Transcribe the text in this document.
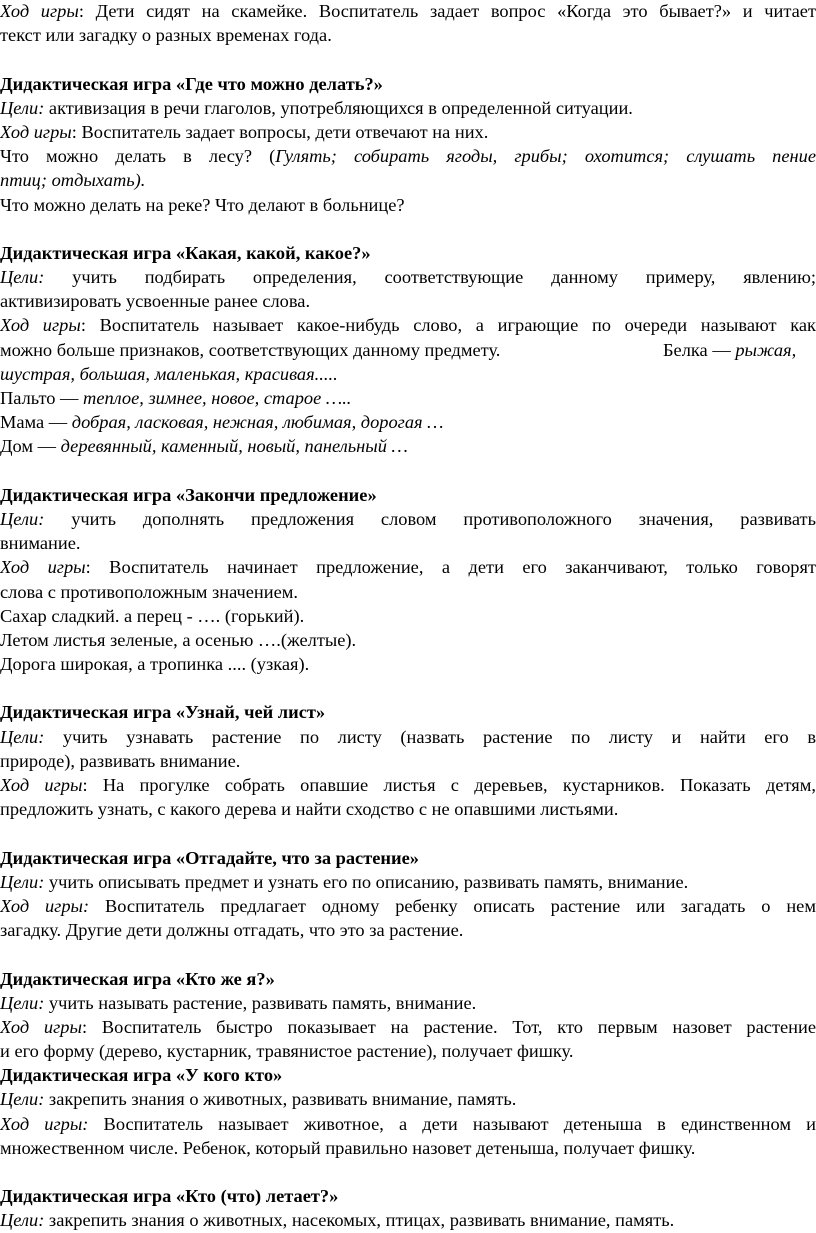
Ход игры: Дети сидят на скамейке. Воспитатель задает вопрос «Когда это бывает?» и читает
текст или загадку о разных временах года.
Дидактическая игра «Где что можно делать?»
Цели: активизация в речи глаголов, употребляющихся в определенной ситуации.
Ход игры: Воспитатель задает вопросы, дети отвечают на них.
Что можно делать в лесу? (Гулять; собирать ягоды, грибы; охотится; слушать пение
птиц; отдыхать).
Что можно делать на реке? Что делают в больнице?
Дидактическая игра «Какая, какой, какое?»
Цели: учить подбирать определения, соответствующие данному примеру, явлению;
активизировать усвоенные ранее слова.
Ход игры: Воспитатель называет какое-нибудь слово, а играющие по очереди называют как
можно больше признаков, соответствующих данному предмету.	Белка — рыжая,
шустрая, большая, маленькая, красивая.....
Пальто — теплое, зимнее, новое, старое …..
Мама — добрая, ласковая, нежная, любимая, дорогая …
Дом — деревянный, каменный, новый, панельный …
Дидактическая игра «Закончи предложение»
Цели: учить дополнять предложения словом противоположного значения, развивать
внимание.
Ход игры: Воспитатель начинает предложение, а дети его заканчивают, только говорят
слова с противоположным значением.
Сахар сладкий. а перец - …. (горький).
Летом листья зеленые, а осенью ….(желтые).
Дорога широкая, а тропинка .... (узкая).
Дидактическая игра «Узнай, чей лист»
Цели: учить узнавать растение по листу (назвать растение по листу и найти его в
природе), развивать внимание.
Ход игры: На прогулке собрать опавшие листья с деревьев, кустарников. Показать детям,
предложить узнать, с какого дерева и найти сходство с не опавшими листьями.
Дидактическая игра «Отгадайте, что за растение»
Цели: учить описывать предмет и узнать его по описанию, развивать память, внимание.
Ход игры: Воспитатель предлагает одному ребенку описать растение или загадать о нем
загадку. Другие дети должны отгадать, что это за растение.
Дидактическая игра «Кто же я?»
Цели: учить называть растение, развивать память, внимание.
Ход игры: Воспитатель быстро показывает на растение. Тот, кто первым назовет растение
и его форму (дерево, кустарник, травянистое растение), получает фишку.
Дидактическая игра «У кого кто»
Цели: закрепить знания о животных, развивать внимание, память.
Ход игры: Воспитатель называет животное, а дети называют детеныша в единственном и
множественном числе. Ребенок, который правильно назовет детеныша, получает фишку.
Дидактическая игра «Кто (что) летает?»
Цели: закрепить знания о животных, насекомых, птицах, развивать внимание, память.
